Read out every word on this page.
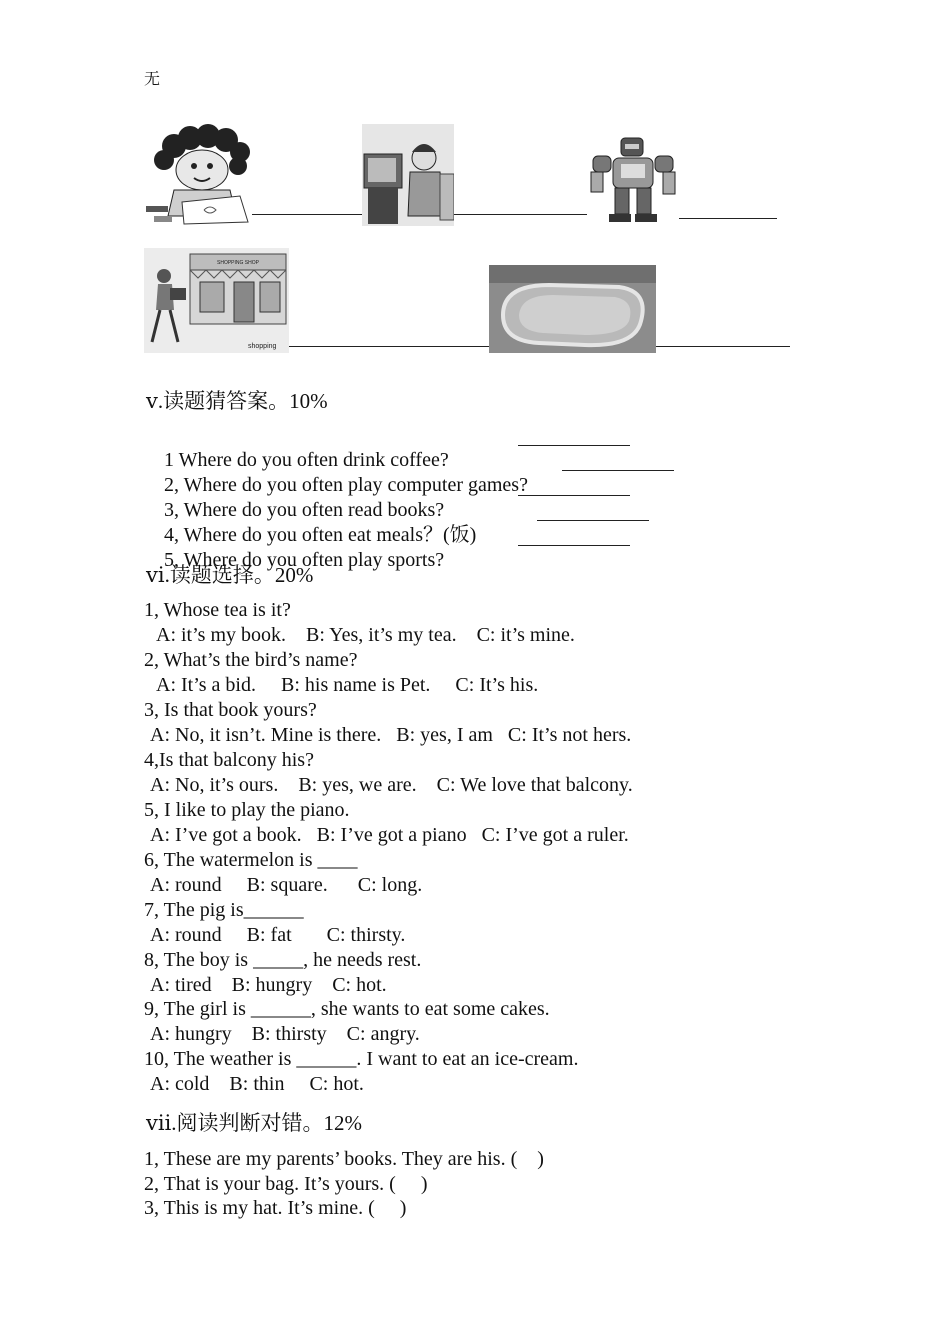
无
SHOPPING SHOP
shopping
ⅴ.读题猜答案。10%

1 Where do you often drink coffee?

2, Where do you often play computer games?

3, Where do you often read books?

4, Where do you often eat meals？(饭)

5, Where do you often play sports?

ⅵ.读题选择。20%
1, Whose tea is it?
A: it’s my book.    B: Yes, it’s my tea.    C: it’s mine.
2, What’s the bird’s name?
A: It’s a bid.     B: his name is Pet.     C: It’s his.
3, Is that book yours?
A: No, it isn’t. Mine is there.   B: yes, I am   C: It’s not hers.
4,Is that balcony his?
A: No, it’s ours.    B: yes, we are.    C: We love that balcony.
5, I like to play the piano.
A: I’ve got a book.   B: I’ve got a piano   C: I’ve got a ruler.
6, The watermelon is ____
A: round     B: square.      C: long.
7, The pig is______
A: round     B: fat       C: thirsty.
8, The boy is _____, he needs rest.
A: tired    B: hungry    C: hot.
9, The girl is ______, she wants to eat some cakes.
A: hungry    B: thirsty    C: angry.
10, The weather is ______. I want to eat an ice-cream.
A: cold    B: thin     C: hot.
ⅶ.阅读判断对错。12%
1, These are my parents’ books. They are his. (    )
2, That is your bag. It’s yours. (     )
3, This is my hat. It’s mine. (     )
